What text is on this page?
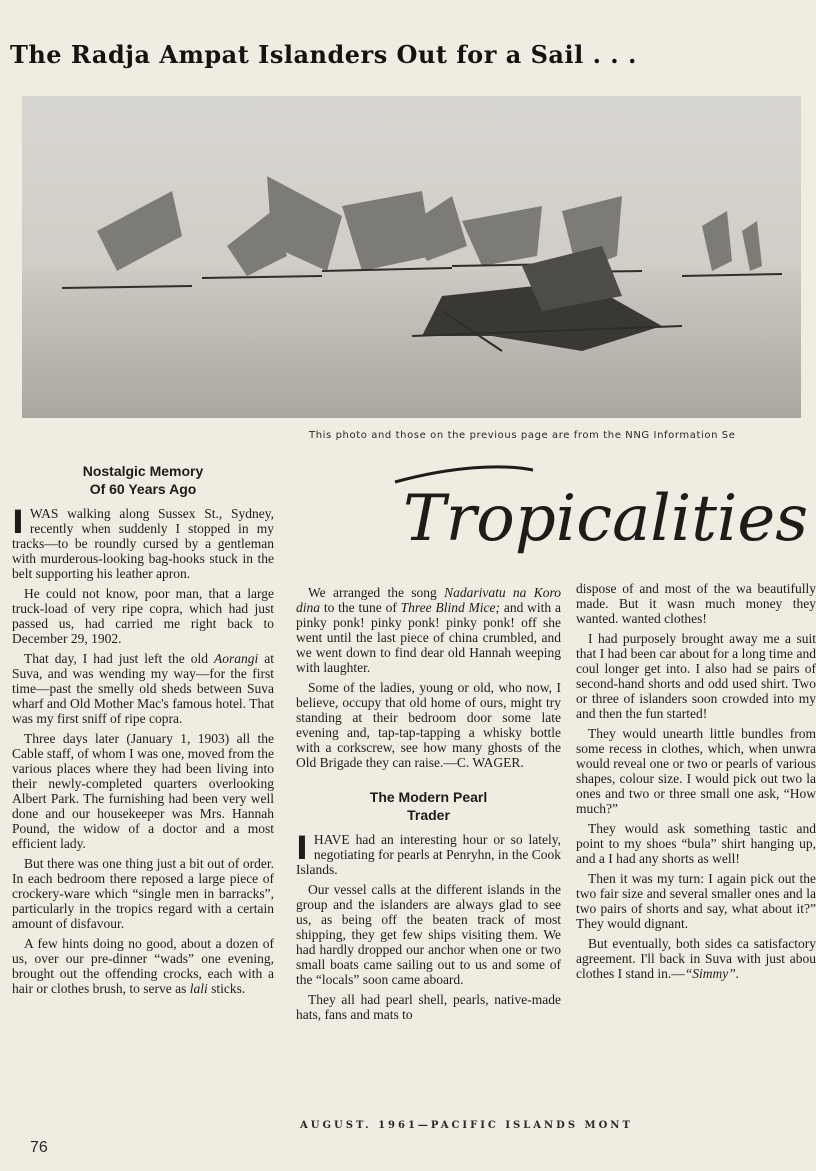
The Radja Ampat Islanders Out for a Sail . . .
This photo and those on the previous page are from the NNG Information Se
Tropicalities
Nostalgic Memory
Of 60 Years Ago

IWAS walking along Sussex St., Sydney, recently when suddenly I stopped in my tracks—to be roundly cursed by a gentleman with murderous-looking bag-hooks stuck in the belt supporting his leather apron.

He could not know, poor man, that a large truck-load of very ripe copra, which had just passed us, had carried me right back to December 29, 1902.

That day, I had just left the old Aorangi at Suva, and was wending my way—for the first time—past the smelly old sheds between Suva wharf and Old Mother Mac's famous hotel. That was my first sniff of ripe copra.

Three days later (January 1, 1903) all the Cable staff, of whom I was one, moved from the various places where they had been living into their newly-completed quarters overlooking Albert Park. The furnishing had been very well done and our housekeeper was Mrs. Hannah Pound, the widow of a doctor and a most efficient lady.

But there was one thing just a bit out of order. In each bedroom there reposed a large piece of crockery-ware which “single men in barracks”, particularly in the tropics regard with a certain amount of disfavour.

A few hints doing no good, about a dozen of us, over our pre-dinner “wads” one evening, brought out the offending crocks, each with a hair or clothes brush, to serve as lali sticks.

We arranged the song Nadarivatu na Koro dina to the tune of Three Blind Mice; and with a pinky ponk! pinky ponk! pinky ponk! off she went until the last piece of china crumbled, and we went down to find dear old Hannah weeping with laughter.

Some of the ladies, young or old, who now, I believe, occupy that old home of ours, might try standing at their bedroom door some late evening and, tap-tap-tapping a whisky bottle with a corkscrew, see how many ghosts of the Old Brigade they can raise.—C. WAGER.

The Modern Pearl
Trader

IHAVE had an interesting hour or so lately, negotiating for pearls at Penryhn, in the Cook Islands.

Our vessel calls at the different islands in the group and the islanders are always glad to see us, as being off the beaten track of most shipping, they get few ships visiting them. We had hardly dropped our anchor when one or two small boats came sailing out to us and some of the “locals” soon came aboard.

They all had pearl shell, pearls, native-made hats, fans and mats to

dispose of and most of the wa beautifully made. But it wasn much money they wanted. wanted clothes!

I had purposely brought away me a suit that I had been car about for a long time and coul longer get into. I also had se pairs of second-hand shorts and odd used shirt. Two or three of islanders soon crowded into my and then the fun started!

They would unearth little bundles from some recess in clothes, which, when unwra would reveal one or two or pearls of various shapes, colour size. I would pick out two la ones and two or three small one ask, “How much?”

They would ask something tastic and point to my shoes “bula” shirt hanging up, and a I had any shorts as well!

Then it was my turn: I again pick out the two fair size and several smaller ones and la two pairs of shorts and say, what about it?” They would dignant.

But eventually, both sides ca satisfactory agreement. I'll back in Suva with just abou clothes I stand in.—“Simmy”.

AUGUST. 1961—PACIFIC ISLANDS MONT
76
